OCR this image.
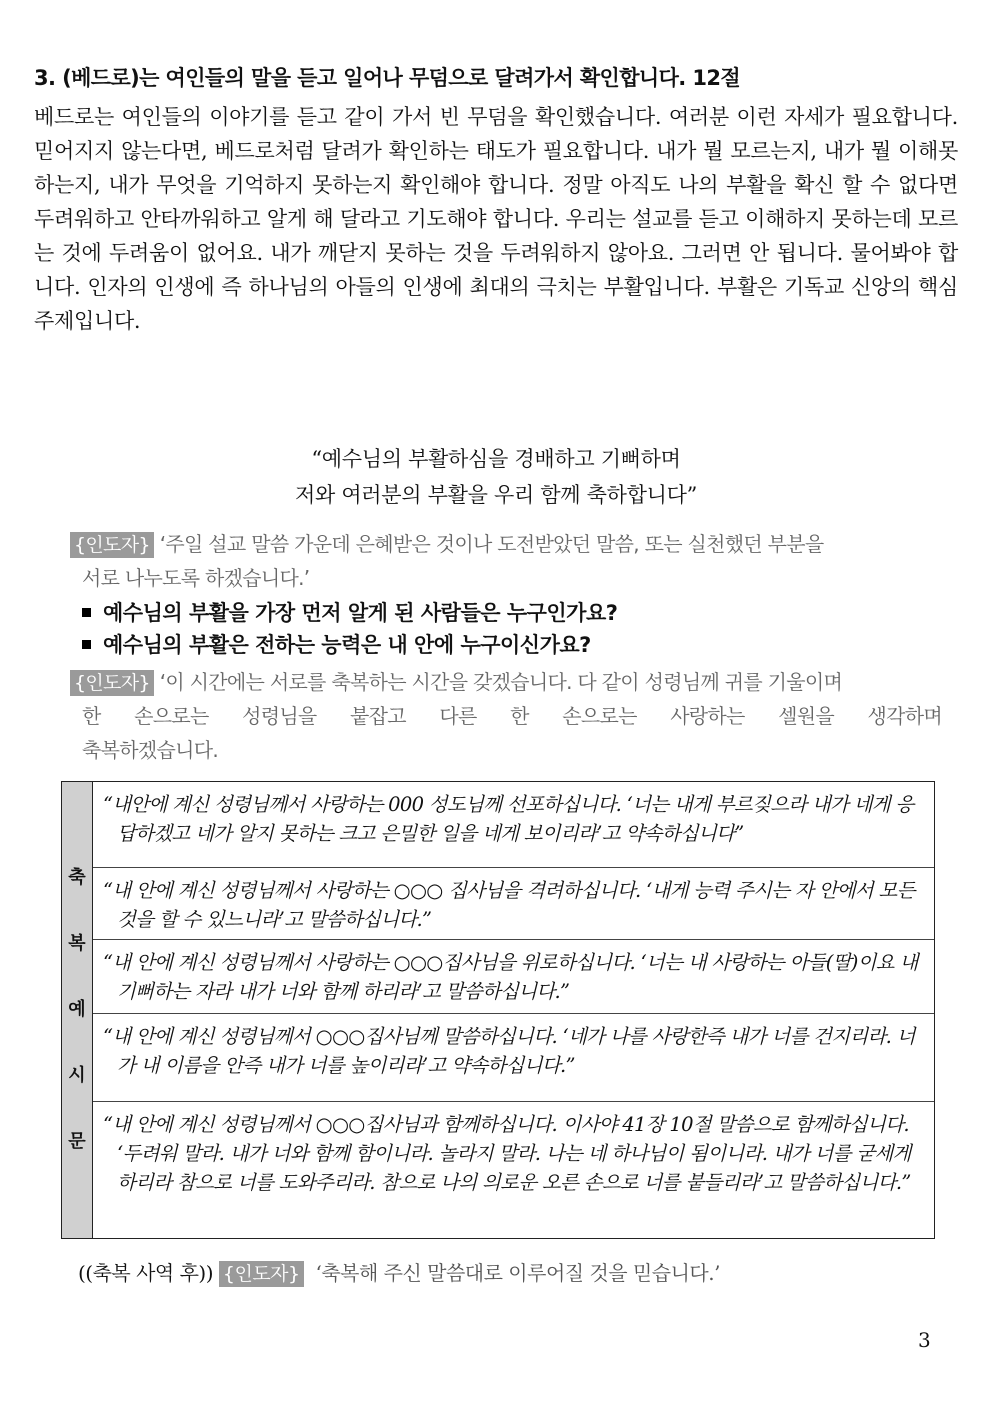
3. (베드로)는 여인들의 말을 듣고 일어나 무덤으로 달려가서 확인합니다. 12절
베드로는 여인들의 이야기를 듣고 같이 가서 빈 무덤을 확인했습니다. 여러분 이런 자세가 필요합니다. 믿어지지 않는다면, 베드로처럼 달려가 확인하는 태도가 필요합니다. 내가 뭘 모르는지, 내가 뭘 이해못하는지, 내가 무엇을 기억하지 못하는지 확인해야 합니다. 정말 아직도 나의 부활을 확신 할 수 없다면 두려워하고 안타까워하고 알게 해 달라고 기도해야 합니다. 우리는 설교를 듣고 이해하지 못하는데 모르는 것에 두려움이 없어요. 내가 깨닫지 못하는 것을 두려워하지 않아요. 그러면 안 됩니다. 물어봐야 합니다. 인자의 인생에 즉 하나님의 아들의 인생에 최대의 극치는 부활입니다. 부활은 기독교 신앙의 핵심 주제입니다.
“예수님의 부활하심을 경배하고 기뻐하며
저와 여러분의 부활을 우리 함께 축하합니다”
{인도자} ‘주일 설교 말씀 가운데 은혜받은 것이나 도전받았던 말씀, 또는 실천했던 부분을
서로 나누도록 하겠습니다.’
예수님의 부활을 가장 먼저 알게 된 사람들은 누구인가요?
예수님의 부활은 전하는 능력은 내 안에 누구이신가요?
{인도자} ‘이 시간에는 서로를 축복하는 시간을 갖겠습니다. 다 같이 성령님께 귀를 기울이며
한 손으로는 성령님을 붙잡고 다른 한 손으로는 사랑하는 셀원을 생각하며
축복하겠습니다.
축
복
예
시
문
“내안에 계신 성령님께서 사랑하는 000 성도님께 선포하십니다. ‘너는 내게 부르짖으라 내가 네게 응답하겠고 네가 알지 못하는 크고 은밀한 일을 네게 보이리라’고 약속하십니다”
“내 안에 계신 성령님께서 사랑하는 ○○○ 집사님을 격려하십니다. ‘내게 능력 주시는 자 안에서 모든 것을 할 수 있느니라’고 말씀하십니다.”
“내 안에 계신 성령님께서 사랑하는 ○○○집사님을 위로하십니다. ‘너는 내 사랑하는 아들(딸)이요 내 기뻐하는 자라 내가 너와 함께 하리라’고 말씀하십니다.”
“내 안에 계신 성령님께서 ○○○집사님께 말씀하십니다. ‘네가 나를 사랑한즉 내가 너를 건지리라. 너가 내 이름을 안즉 내가 너를 높이리라’고 약속하십니다.”
“내 안에 계신 성령님께서 ○○○집사님과 함께하십니다. 이사야 41장 10절 말씀으로 함께하십니다. ‘두려워 말라. 내가 너와 함께 함이니라. 놀라지 말라. 나는 네 하나님이 됨이니라. 내가 너를 굳세게 하리라 참으로 너를 도와주리라. 참으로 나의 의로운 오른 손으로 너를 붙들리라’고 말씀하십니다.”
((축복 사역 후)) {인도자} ‘축복해 주신 말씀대로 이루어질 것을 믿습니다.’
3
